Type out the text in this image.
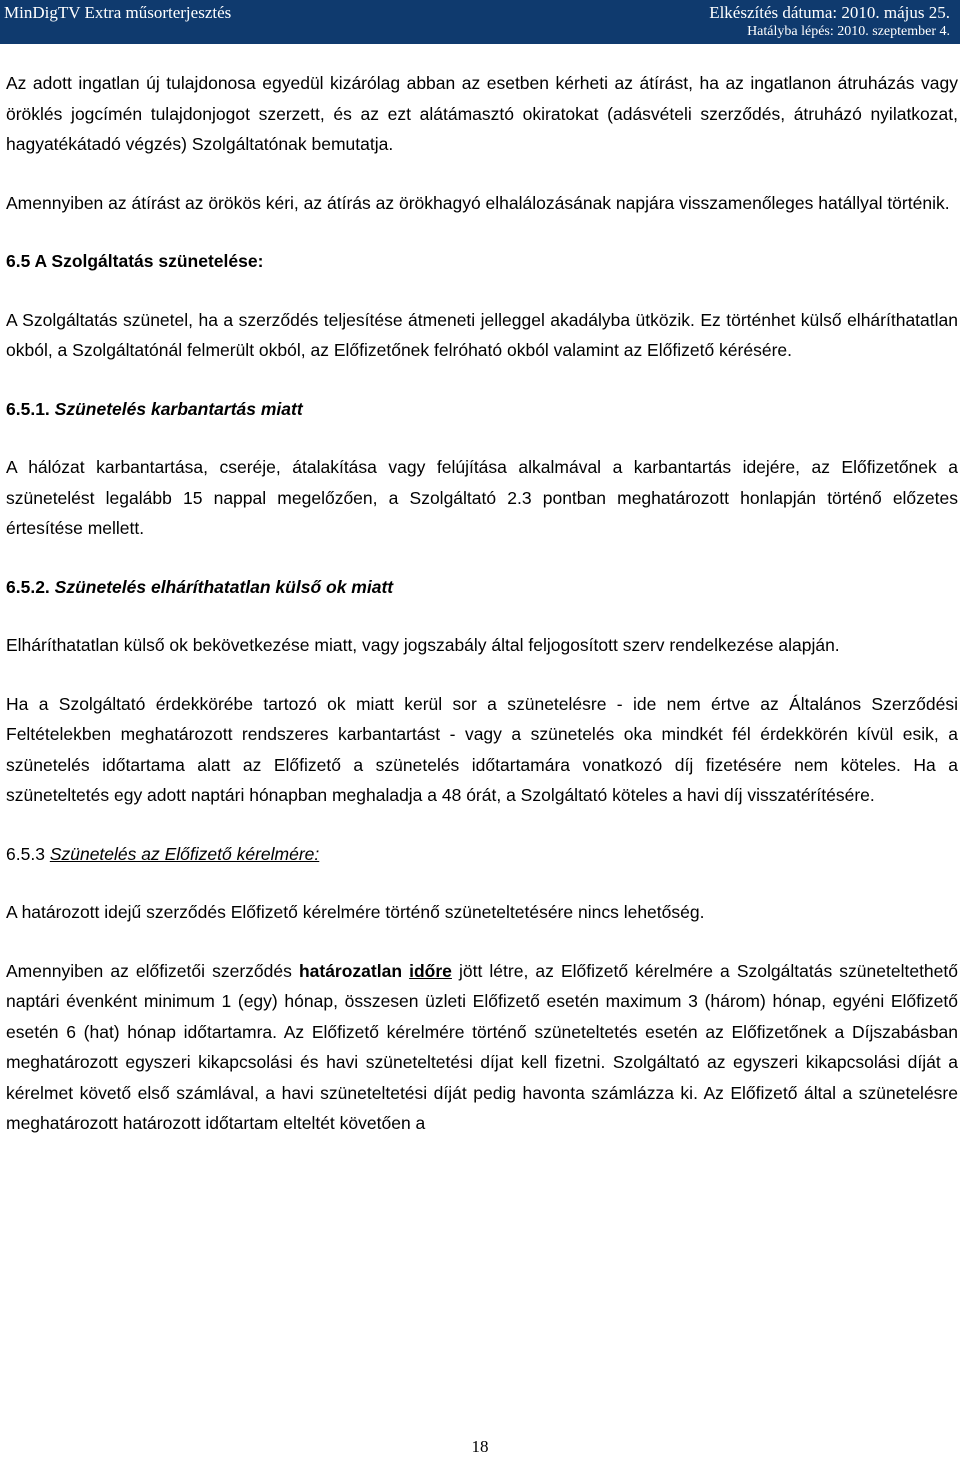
MinDigTV Extra műsorterjesztés	Elkészítés dátuma: 2010. május 25.
Hatályba lépés: 2010. szeptember 4.

Az adott ingatlan új tulajdonosa egyedül kizárólag abban az esetben kérheti az átírást, ha az ingatlanon átruházás vagy öröklés jogcímén tulajdonjogot szerzett, és az ezt alátámasztó okiratokat (adásvételi szerződés, átruházó nyilatkozat, hagyatékátadó végzés) Szolgáltatónak bemutatja.

Amennyiben az átírást az örökös kéri, az átírás az örökhagyó elhalálozásának napjára visszamenőleges hatállyal történik.

6.5 A Szolgáltatás szünetelése:

A Szolgáltatás szünetel, ha a szerződés teljesítése átmeneti jelleggel akadályba ütközik. Ez történhet külső elháríthatatlan okból, a Szolgáltatónál felmerült okból, az Előfizetőnek felróható okból valamint az Előfizető kérésére.

6.5.1. Szünetelés karbantartás miatt

A hálózat karbantartása, cseréje, átalakítása vagy felújítása alkalmával a karbantartás idejére, az Előfizetőnek a szünetelést legalább 15 nappal megelőzően, a Szolgáltató 2.3 pontban meghatározott honlapján történő előzetes értesítése mellett.

6.5.2. Szünetelés elháríthatatlan külső ok miatt

Elháríthatatlan külső ok bekövetkezése miatt, vagy jogszabály által feljogosított szerv rendelkezése alapján.

Ha a Szolgáltató érdekkörébe tartozó ok miatt kerül sor a szünetelésre - ide nem értve az Általános Szerződési Feltételekben meghatározott rendszeres karbantartást - vagy a szünetelés oka mindkét fél érdekkörén kívül esik, a szünetelés időtartama alatt az Előfizető a szünetelés időtartamára vonatkozó díj fizetésére nem köteles. Ha a szüneteltetés egy adott naptári hónapban meghaladja a 48 órát, a Szolgáltató köteles a havi díj visszatérítésére.

6.5.3 Szünetelés az Előfizető kérelmére:

A határozott idejű szerződés Előfizető kérelmére történő szüneteltetésére nincs lehetőség.

Amennyiben az előfizetői szerződés határozatlan időre jött létre, az Előfizető kérelmére a Szolgáltatás szüneteltethető naptári évenként minimum 1 (egy) hónap, összesen üzleti Előfizető esetén maximum 3 (három) hónap, egyéni Előfizető esetén 6 (hat) hónap időtartamra. Az Előfizető kérelmére történő szüneteltetés esetén az Előfizetőnek a Díjszabásban meghatározott egyszeri kikapcsolási és havi szüneteltetési díjat kell fizetni. Szolgáltató az egyszeri kikapcsolási díját a kérelmet követő első számlával, a havi szüneteltetési díját pedig havonta számlázza ki. Az Előfizető által a szünetelésre meghatározott határozott időtartam elteltét követően a

18
